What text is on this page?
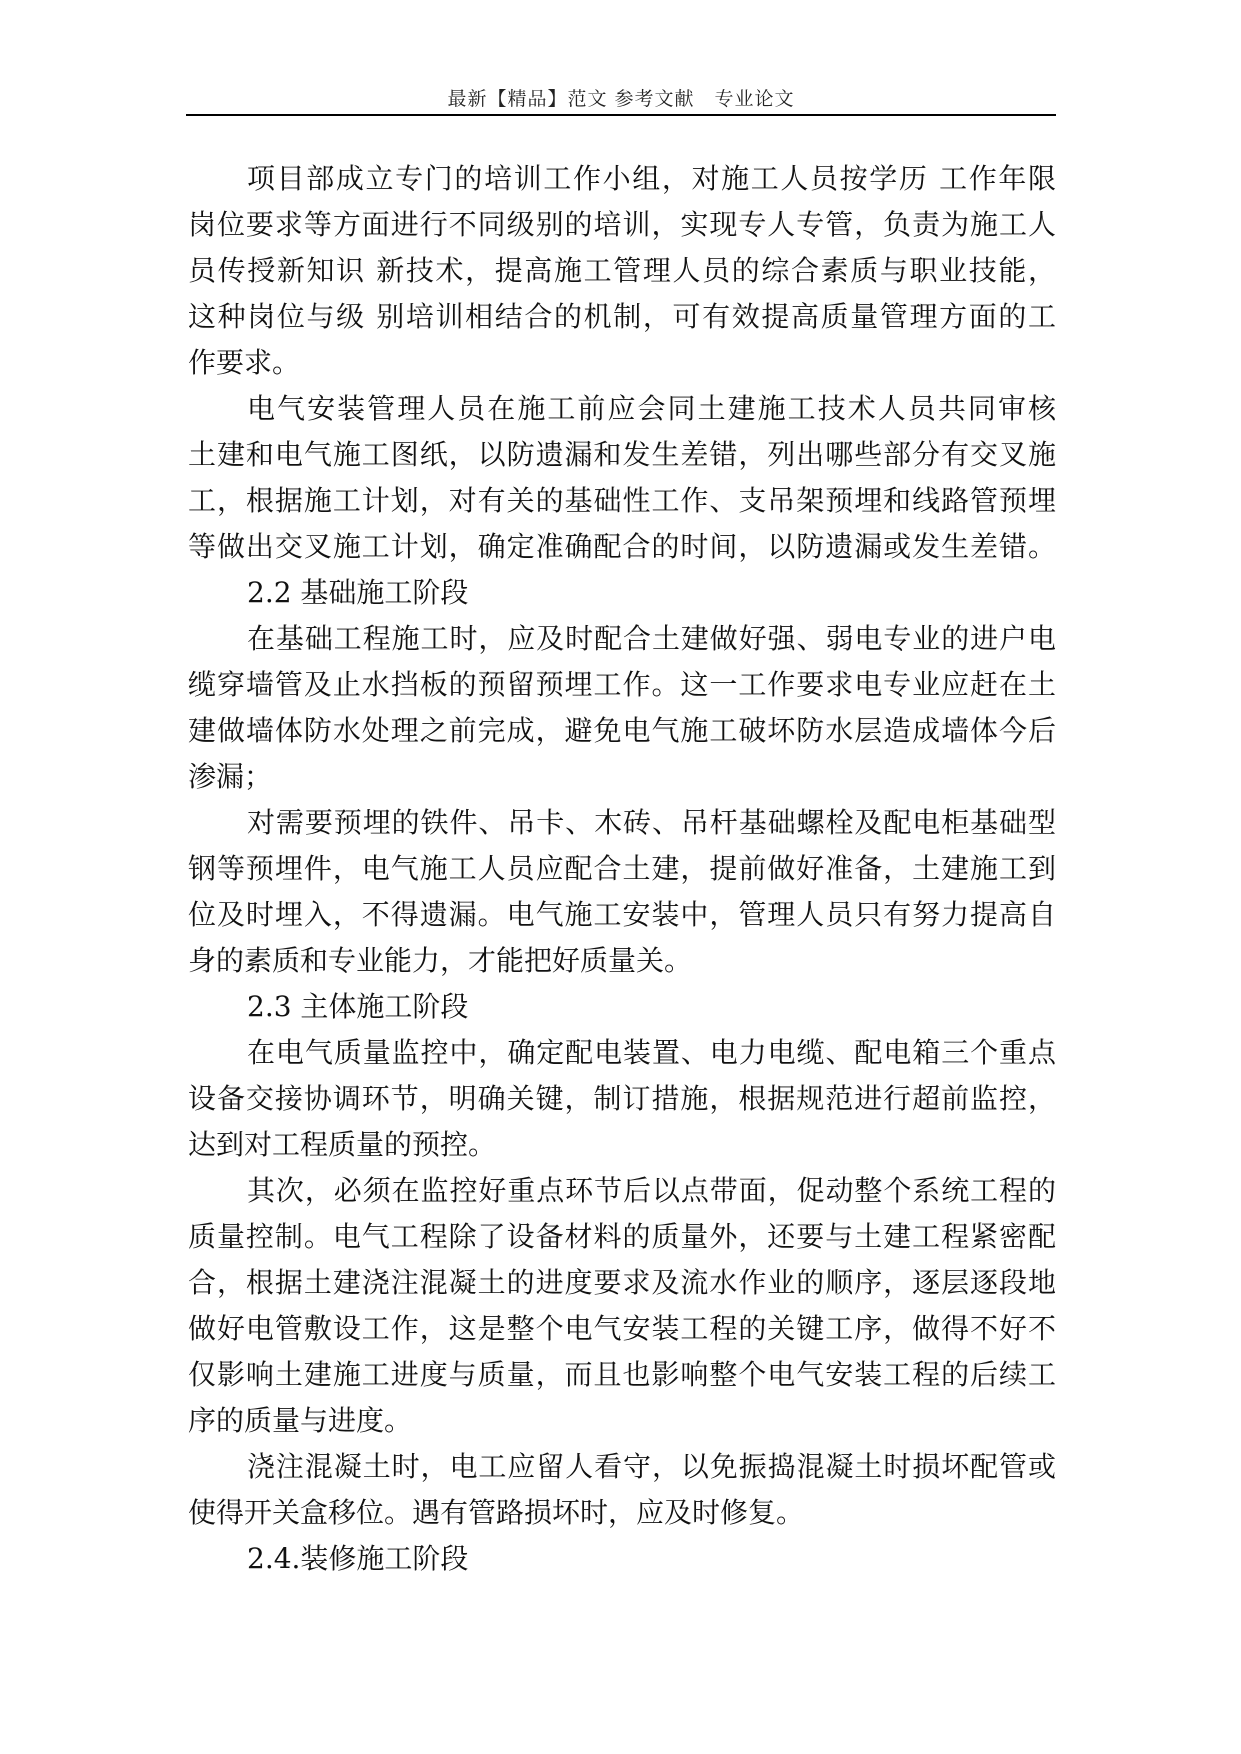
最新【精品】范文 参考文献　专业论文
项目部成立专门的培训工作小组，对施工人员按学历 工作年限
岗位要求等方面进行不同级别的培训，实现专人专管，负责为施工人
员传授新知识 新技术，提高施工管理人员的综合素质与职业技能，
这种岗位与级 别培训相结合的机制，可有效提高质量管理方面的工
作要求。
电气安装管理人员在施工前应会同土建施工技术人员共同审核
土建和电气施工图纸，以防遗漏和发生差错，列出哪些部分有交叉施
工，根据施工计划，对有关的基础性工作、支吊架预埋和线路管预埋
等做出交叉施工计划，确定准确配合的时间，以防遗漏或发生差错。
2.2 基础施工阶段
在基础工程施工时，应及时配合土建做好强、弱电专业的进户电
缆穿墙管及止水挡板的预留预埋工作。这一工作要求电专业应赶在土
建做墙体防水处理之前完成，避免电气施工破坏防水层造成墙体今后
渗漏；
对需要预埋的铁件、吊卡、木砖、吊杆基础螺栓及配电柜基础型
钢等预埋件，电气施工人员应配合土建，提前做好准备，土建施工到
位及时埋入，不得遗漏。电气施工安装中，管理人员只有努力提高自
身的素质和专业能力，才能把好质量关。
2.3 主体施工阶段
在电气质量监控中，确定配电装置、电力电缆、配电箱三个重点
设备交接协调环节，明确关键，制订措施，根据规范进行超前监控，
达到对工程质量的预控。
其次，必须在监控好重点环节后以点带面，促动整个系统工程的
质量控制。电气工程除了设备材料的质量外，还要与土建工程紧密配
合，根据土建浇注混凝土的进度要求及流水作业的顺序，逐层逐段地
做好电管敷设工作，这是整个电气安装工程的关键工序，做得不好不
仅影响土建施工进度与质量，而且也影响整个电气安装工程的后续工
序的质量与进度。
浇注混凝土时，电工应留人看守，以免振捣混凝土时损坏配管或
使得开关盒移位。遇有管路损坏时，应及时修复。
2.4.装修施工阶段
